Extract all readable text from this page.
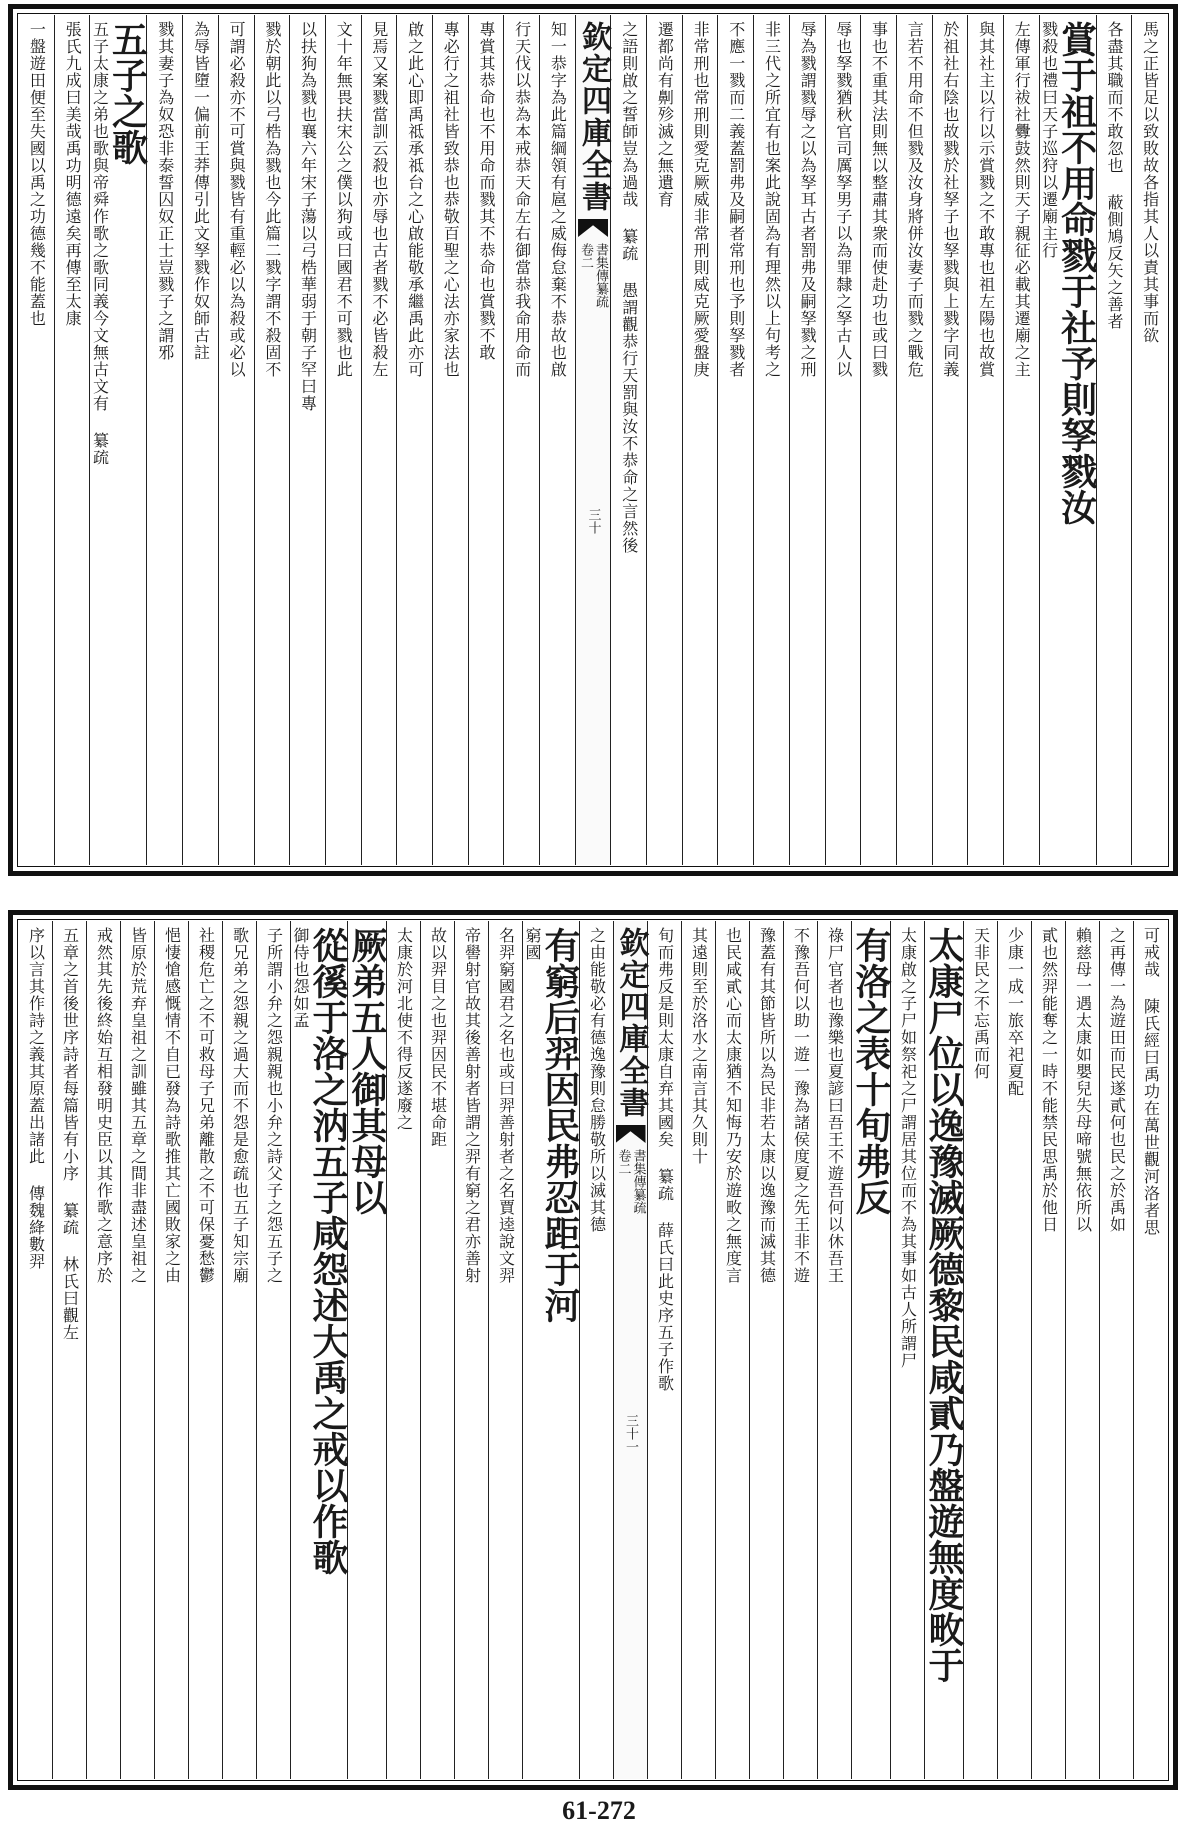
馬之正皆足以致敗故各指其人以責其事而欲
各盡其職而不敢忽也 蔽側鳩反矢之善者
賞于祖不用命戮于社予則孥戮汝
戮殺也禮曰天子巡狩以遷廟主行
左傳軍行祓社釁鼓然則天子親征必載其遷廟之主
與其社主以行以示賞戮之不敢專也祖左陽也故賞
於祖社右陰也故戮於社孥子也孥戮與上戮字同義
言若不用命不但戮及汝身將併汝妻子而戮之戰危
事也不重其法則無以整肅其衆而使赴功也或曰戮
辱也孥戮猶秋官司厲孥男子以為罪隸之孥古人以
辱為戮謂戮辱之以為孥耳古者罰弗及嗣孥戮之刑
非三代之所宜有也案此說固為有理然以上句考之
不應一戮而二義蓋罰弗及嗣者常刑也予則孥戮者
非常刑也常刑則愛克厥威非常刑則威克厥愛盤庚
遷都尚有劓殄滅之無遺育
之語則啟之誓師豈為過哉 纂疏 愚謂觀恭行天罰與汝不恭命之言然後
欽定四庫全書
書集傳纂疏
卷二
三十
知一恭字為此篇綱領有扈之威侮怠棄不恭故也啟
行天伐以恭為本戒恭天命左右御當恭我命用命而
專賞其恭命也不用命而戮其不恭命也賞戮不敢
專必行之祖社皆致恭也恭敬百聖之心法亦家法也
啟之此心即禹祗承祗台之心啟能敬承繼禹此亦可
見焉又案戮當訓云殺也亦辱也古者戮不必皆殺左
文十年無畏扶宋公之僕以狗或曰國君不可戮也此
以扶狗為戮也襄六年宋子蕩以弓梏華弱于朝子罕曰專
戮於朝此以弓梏為戮也今此篇二戮字謂不殺固不
可謂必殺亦不可賞與戮皆有重輕必以為殺或必以
為辱皆墮一偏前王莽傳引此文孥戮作奴師古註
戮其妻子為奴恐非泰誓囚奴正士豈戮子之謂邪
五子之歌
五子太康之弟也歌與帝舜作歌之歌同義今文無古文有 纂疏
張氏九成曰美哉禹功明德遠矣再傳至太康
一盤遊田便至失國以禹之功德幾不能蓋也
可戒哉 陳氏經曰禹功在萬世觀河洛者思
之再傳一為遊田而民遂貳何也民之於禹如
賴慈母一遇太康如嬰兒失母啼號無依所以
貳也然羿能奪之一時不能禁民思禹於他日
少康一成一旅卒祀夏配
天非民之不忘禹而何
太康尸位以逸豫滅厥德黎民咸貳乃盤遊無度畋于
太康啟之子尸如祭祀之尸謂居其位而不為其事如古人所謂尸
有洛之表十旬弗反
祿尸官者也豫樂也夏諺曰吾王不遊吾何以休吾王
不豫吾何以助一遊一豫為諸侯度夏之先王非不遊
豫蓋有其節皆所以為民非若太康以逸豫而滅其德
也民咸貳心而太康猶不知悔乃安於遊畋之無度言
其遠則至於洛水之南言其久則十
旬而弗反是則太康自弃其國矣 纂疏 薛氏曰此史序五子作歌
欽定四庫全書
書集傳纂疏
卷二
三十一
之由能敬必有德逸豫則怠勝敬所以滅其德
有窮后羿因民弗忍距于河
窮國
名羿窮國君之名也或曰羿善射者之名賈逵說文羿
帝嚳射官故其後善射者皆謂之羿有窮之君亦善射
故以羿目之也羿因民不堪命距
太康於河北使不得反遂廢之
厥弟五人御其母以
從徯于洛之汭五子咸怨述大禹之戒以作歌
御侍也怨如孟
子所謂小弁之怨親親也小弁之詩父子之怨五子之
歌兄弟之怨親之過大而不怨是愈疏也五子知宗廟
社稷危亡之不可救母子兄弟離散之不可保憂愁鬱
悒悽愴感慨情不自已發為詩歌推其亡國敗家之由
皆原於荒弃皇祖之訓雖其五章之間非盡述皇祖之
戒然其先後終始互相發明史臣以其作歌之意序於
五章之首後世序詩者每篇皆有小序 纂疏 林氏曰觀左
序以言其作詩之義其原蓋出諸此 傳魏絳數羿
61-272
